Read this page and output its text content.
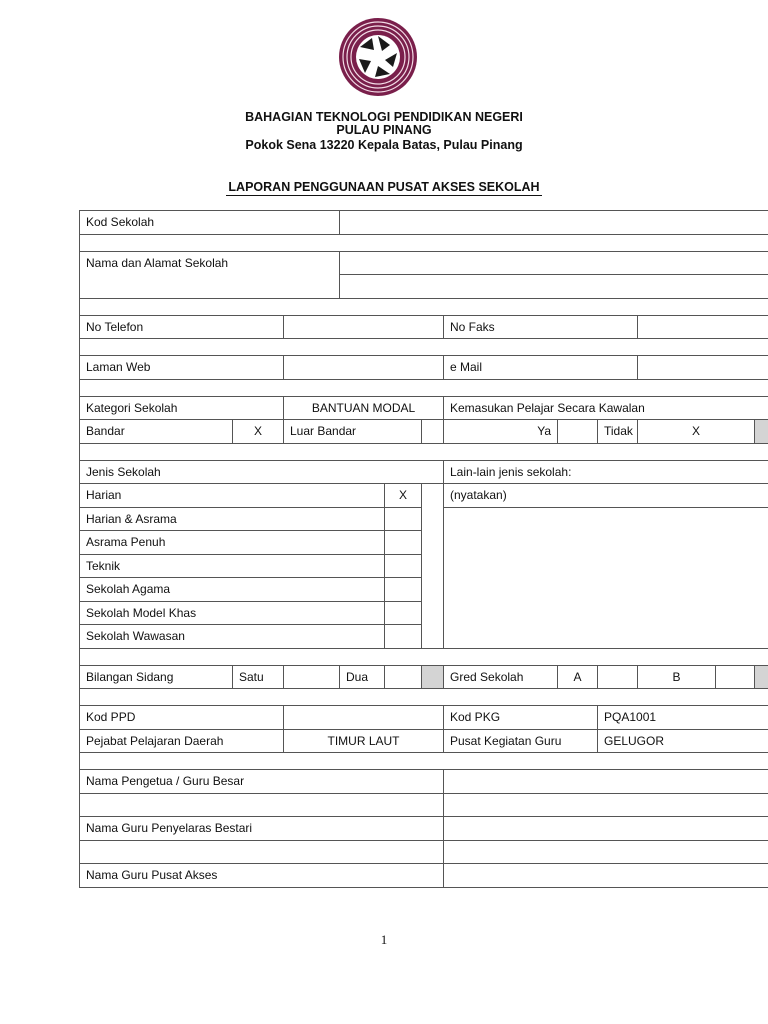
BAHAGIAN TEKNOLOGI PENDIDIKAN NEGERI
PULAU PINANG
Pokok Sena 13220 Kepala Batas, Pulau Pinang
LAPORAN PENGGUNAAN PUSAT AKSES SEKOLAH
Kod Sekolah											

Nama dan Alamat Sekolah											

No Telefon						No Faks					

Laman Web						e Mail					

Kategori Sekolah		BANTUAN MODAL				Kemasukan Pelajar Secara Kawalan					
Bandar	X	Luar Bandar				Ya		Tidak	X		

Jenis Sekolah						Lain-lain jenis sekolah:					
Harian				X		(nyatakan)					
Harian & Asrama											
Asrama Penuh											
Teknik											
Sekolah Agama											
Sekolah Model Khas											
Sekolah Wawasan											

Bilangan Sidang	Satu		Dua			Gred Sekolah	A		B		

Kod PPD						Kod PKG		PQA1001			
Pejabat Pelajaran Daerah		TIMUR LAUT				Pusat Kegiatan Guru		GELUGOR			

Nama Pengetua / Guru Besar											

Nama Guru Penyelaras Bestari											

Nama Guru Pusat Akses											
1
